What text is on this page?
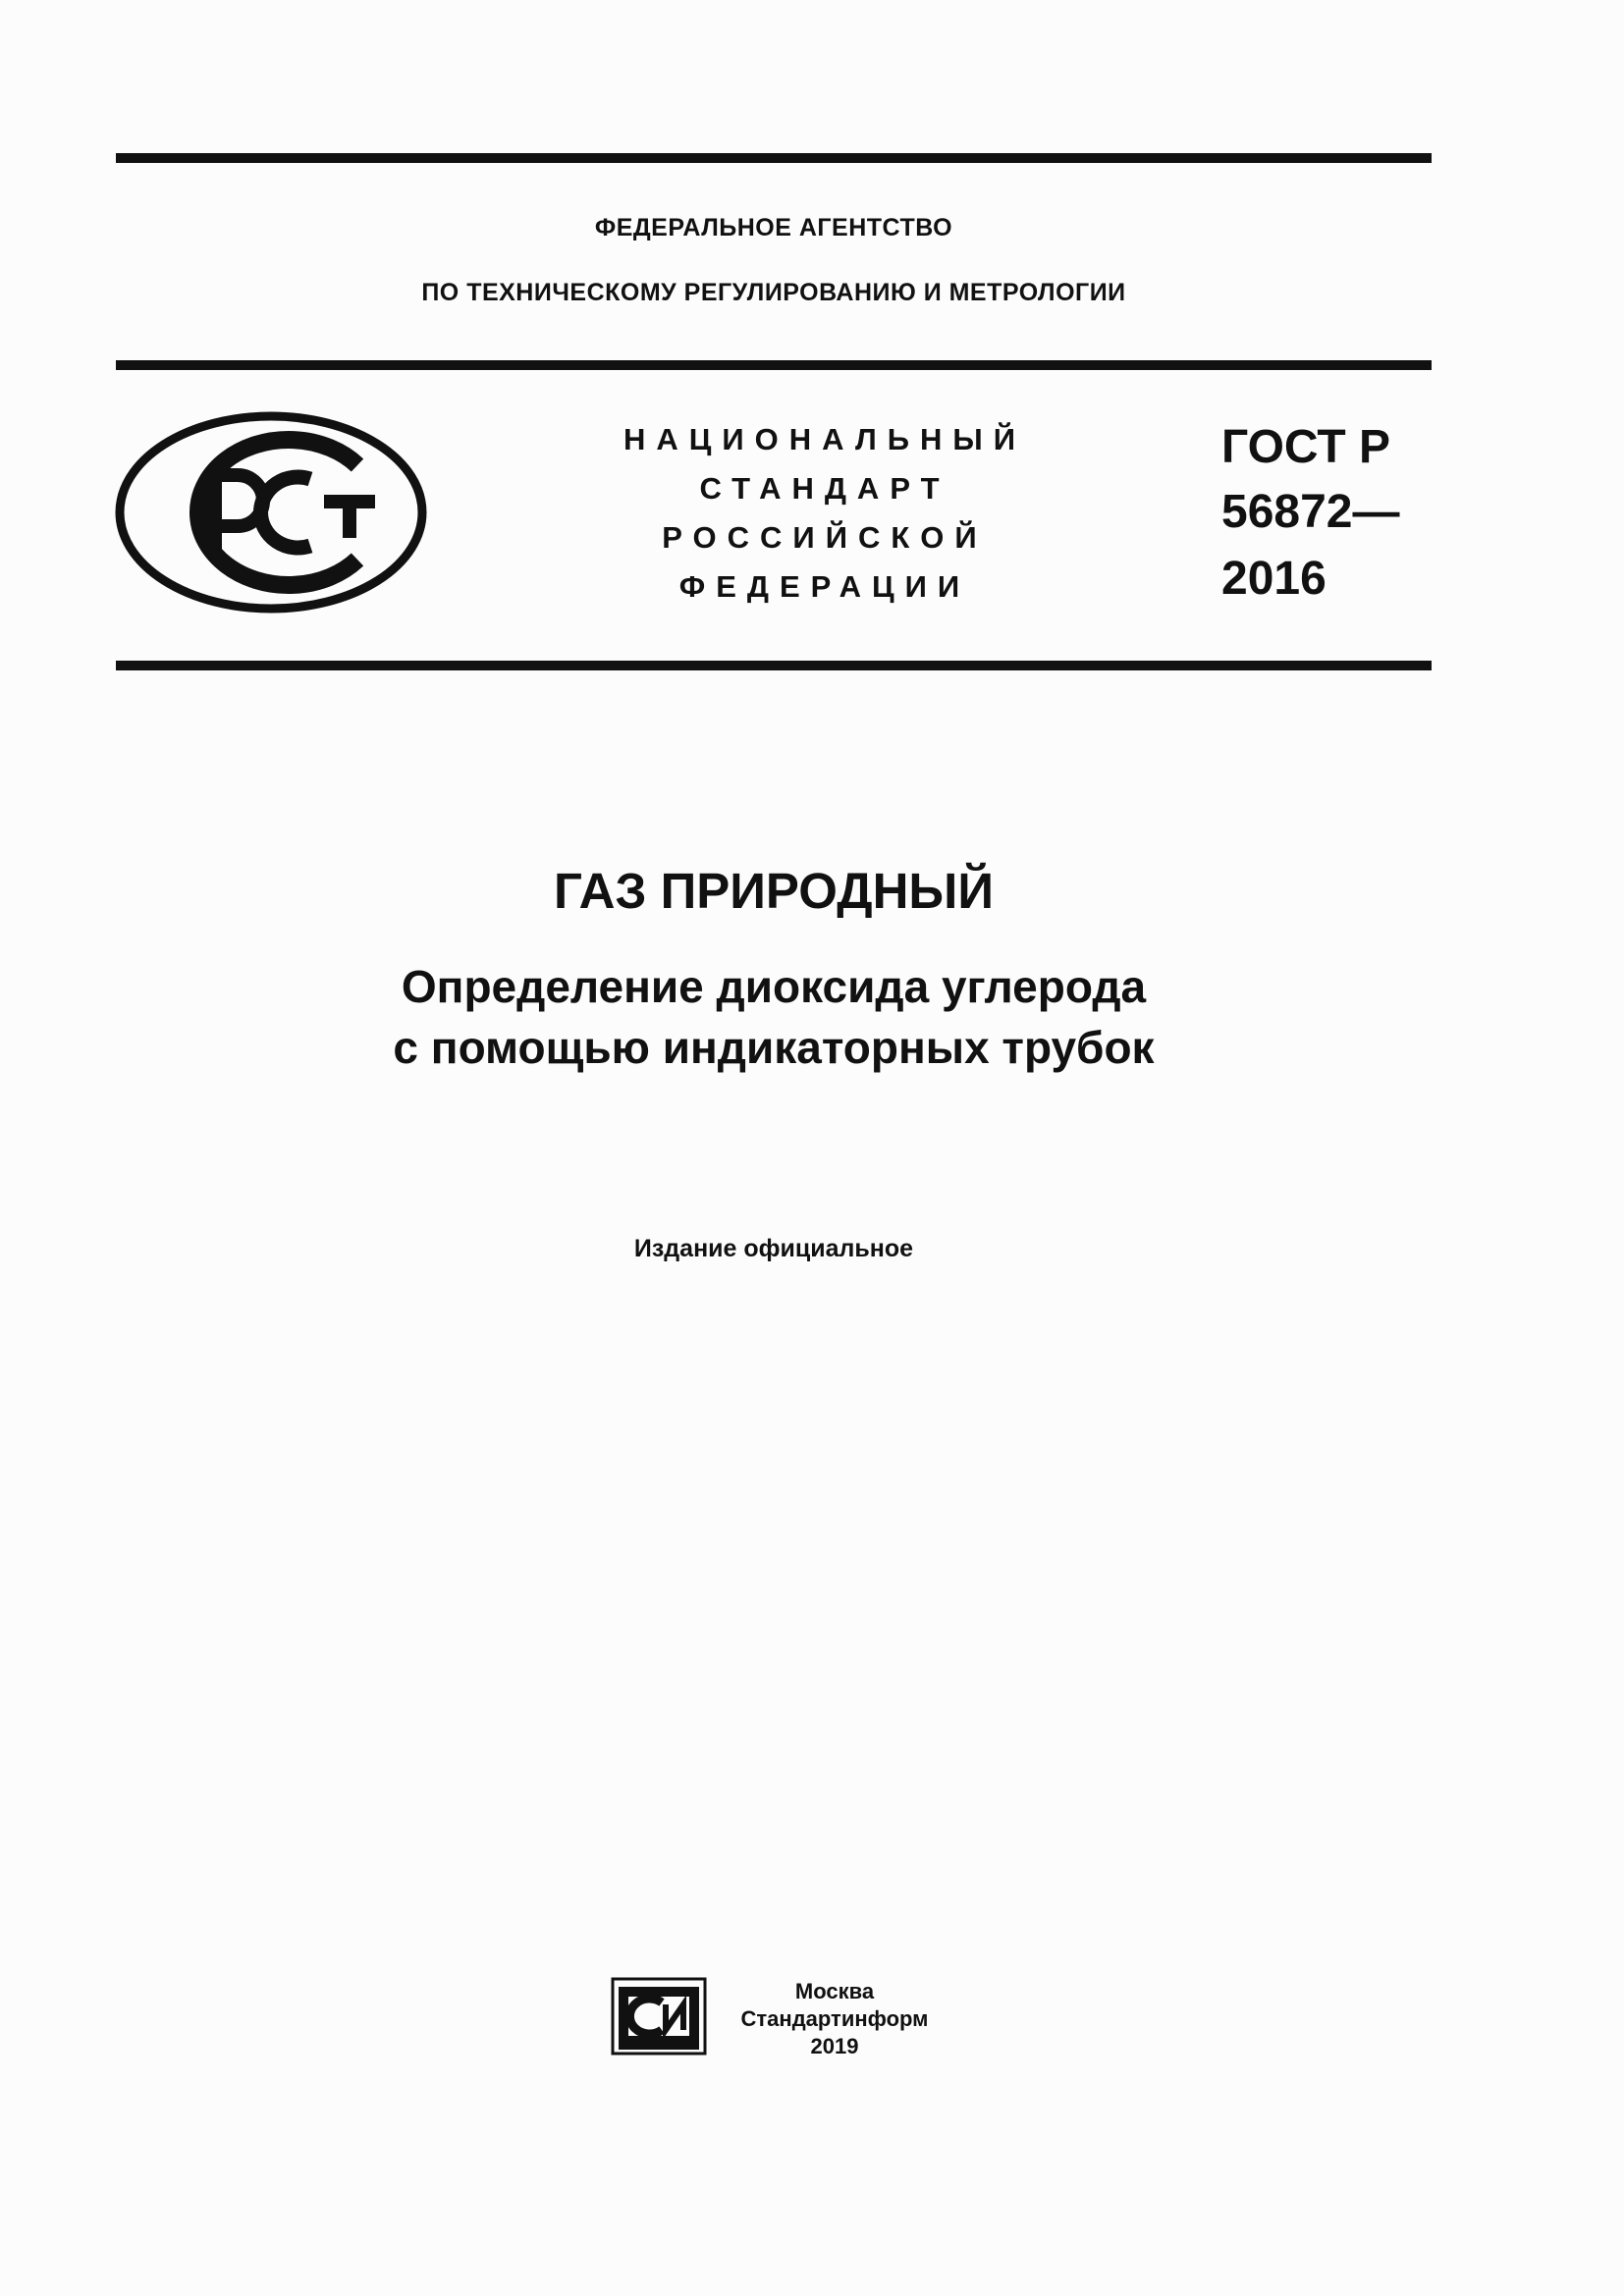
ФЕДЕРАЛЬНОЕ АГЕНТСТВО
ПО ТЕХНИЧЕСКОМУ РЕГУЛИРОВАНИЮ И МЕТРОЛОГИИ
НАЦИОНАЛЬНЫЙ
СТАНДАРТ
РОССИЙСКОЙ
ФЕДЕРАЦИИ
ГОСТ Р
56872—
2016
ГАЗ ПРИРОДНЫЙ
Определение диоксида углерода
с помощью индикаторных трубок
Издание официальное
Москва
Стандартинформ
2019
